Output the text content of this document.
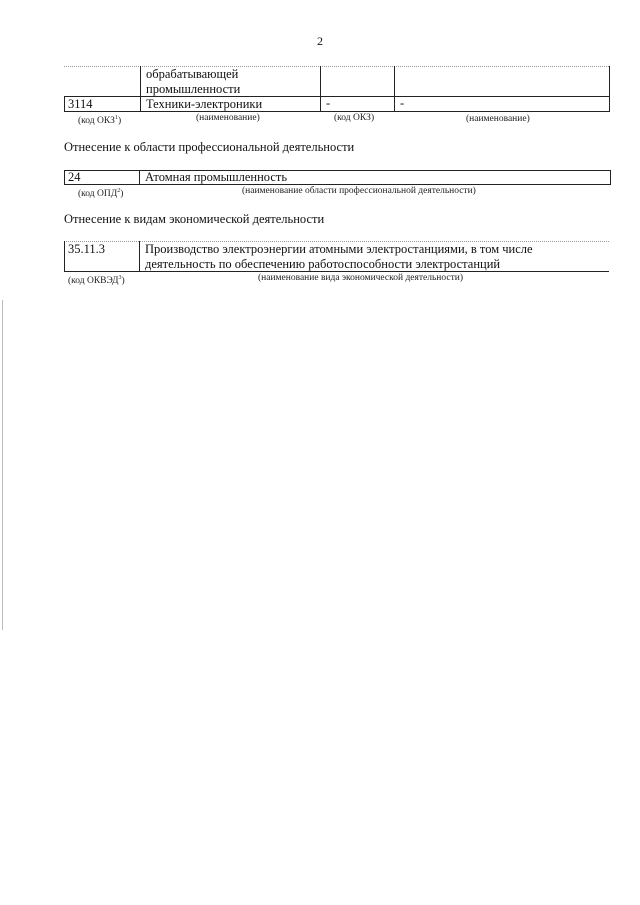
2
обрабатывающей
промышленности
3114	Техники-электроники	-	-
(код ОКЗ$^1$)	(наименование)	(код ОКЗ)	(наименование)
Отнесение к области профессиональной деятельности
24	Атомная промышленность
(код ОПД$^2$)	(наименование области профессиональной деятельности)
Отнесение к видам экономической деятельности
35.11.3	Производство электроэнергии атомными электростанциями, в том числе
деятельность по обеспечению работоспособности электростанций
(код ОКВЭД$^3$)	(наименование вида экономической деятельности)
